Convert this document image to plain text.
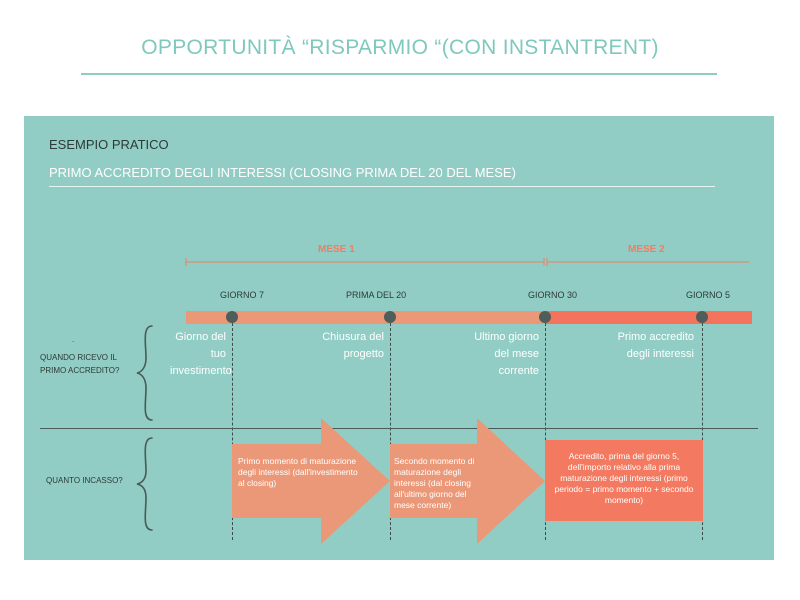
OPPORTUNITÀ “RISPARMIO “(CON INSTANTRENT)
ESEMPIO PRATICO
PRIMO ACCREDITO DEGLI INTERESSI (CLOSING PRIMA DEL 20 DEL MESE)
MESE 1	MESE 2
GIORNO 7	PRIMA DEL 20	GIORNO 30	GIORNO 5
Giorno del tuo investimento
Chiusura del progetto
Ultimo giorno del mese corrente
Primo accredito degli interessi
.
QUANDO RICEVO IL PRIMO ACCREDITO?
QUANTO INCASSO?
Primo momento di maturazione degli interessi (dall'investimento al closing)
Secondo momento di maturazione degli interessi (dal closing all'ultimo giorno del mese corrente)
Accredito, prima del giorno 5, dell'importo relativo alla prima maturazione degli interessi (primo periodo = primo momento + secondo momento)
